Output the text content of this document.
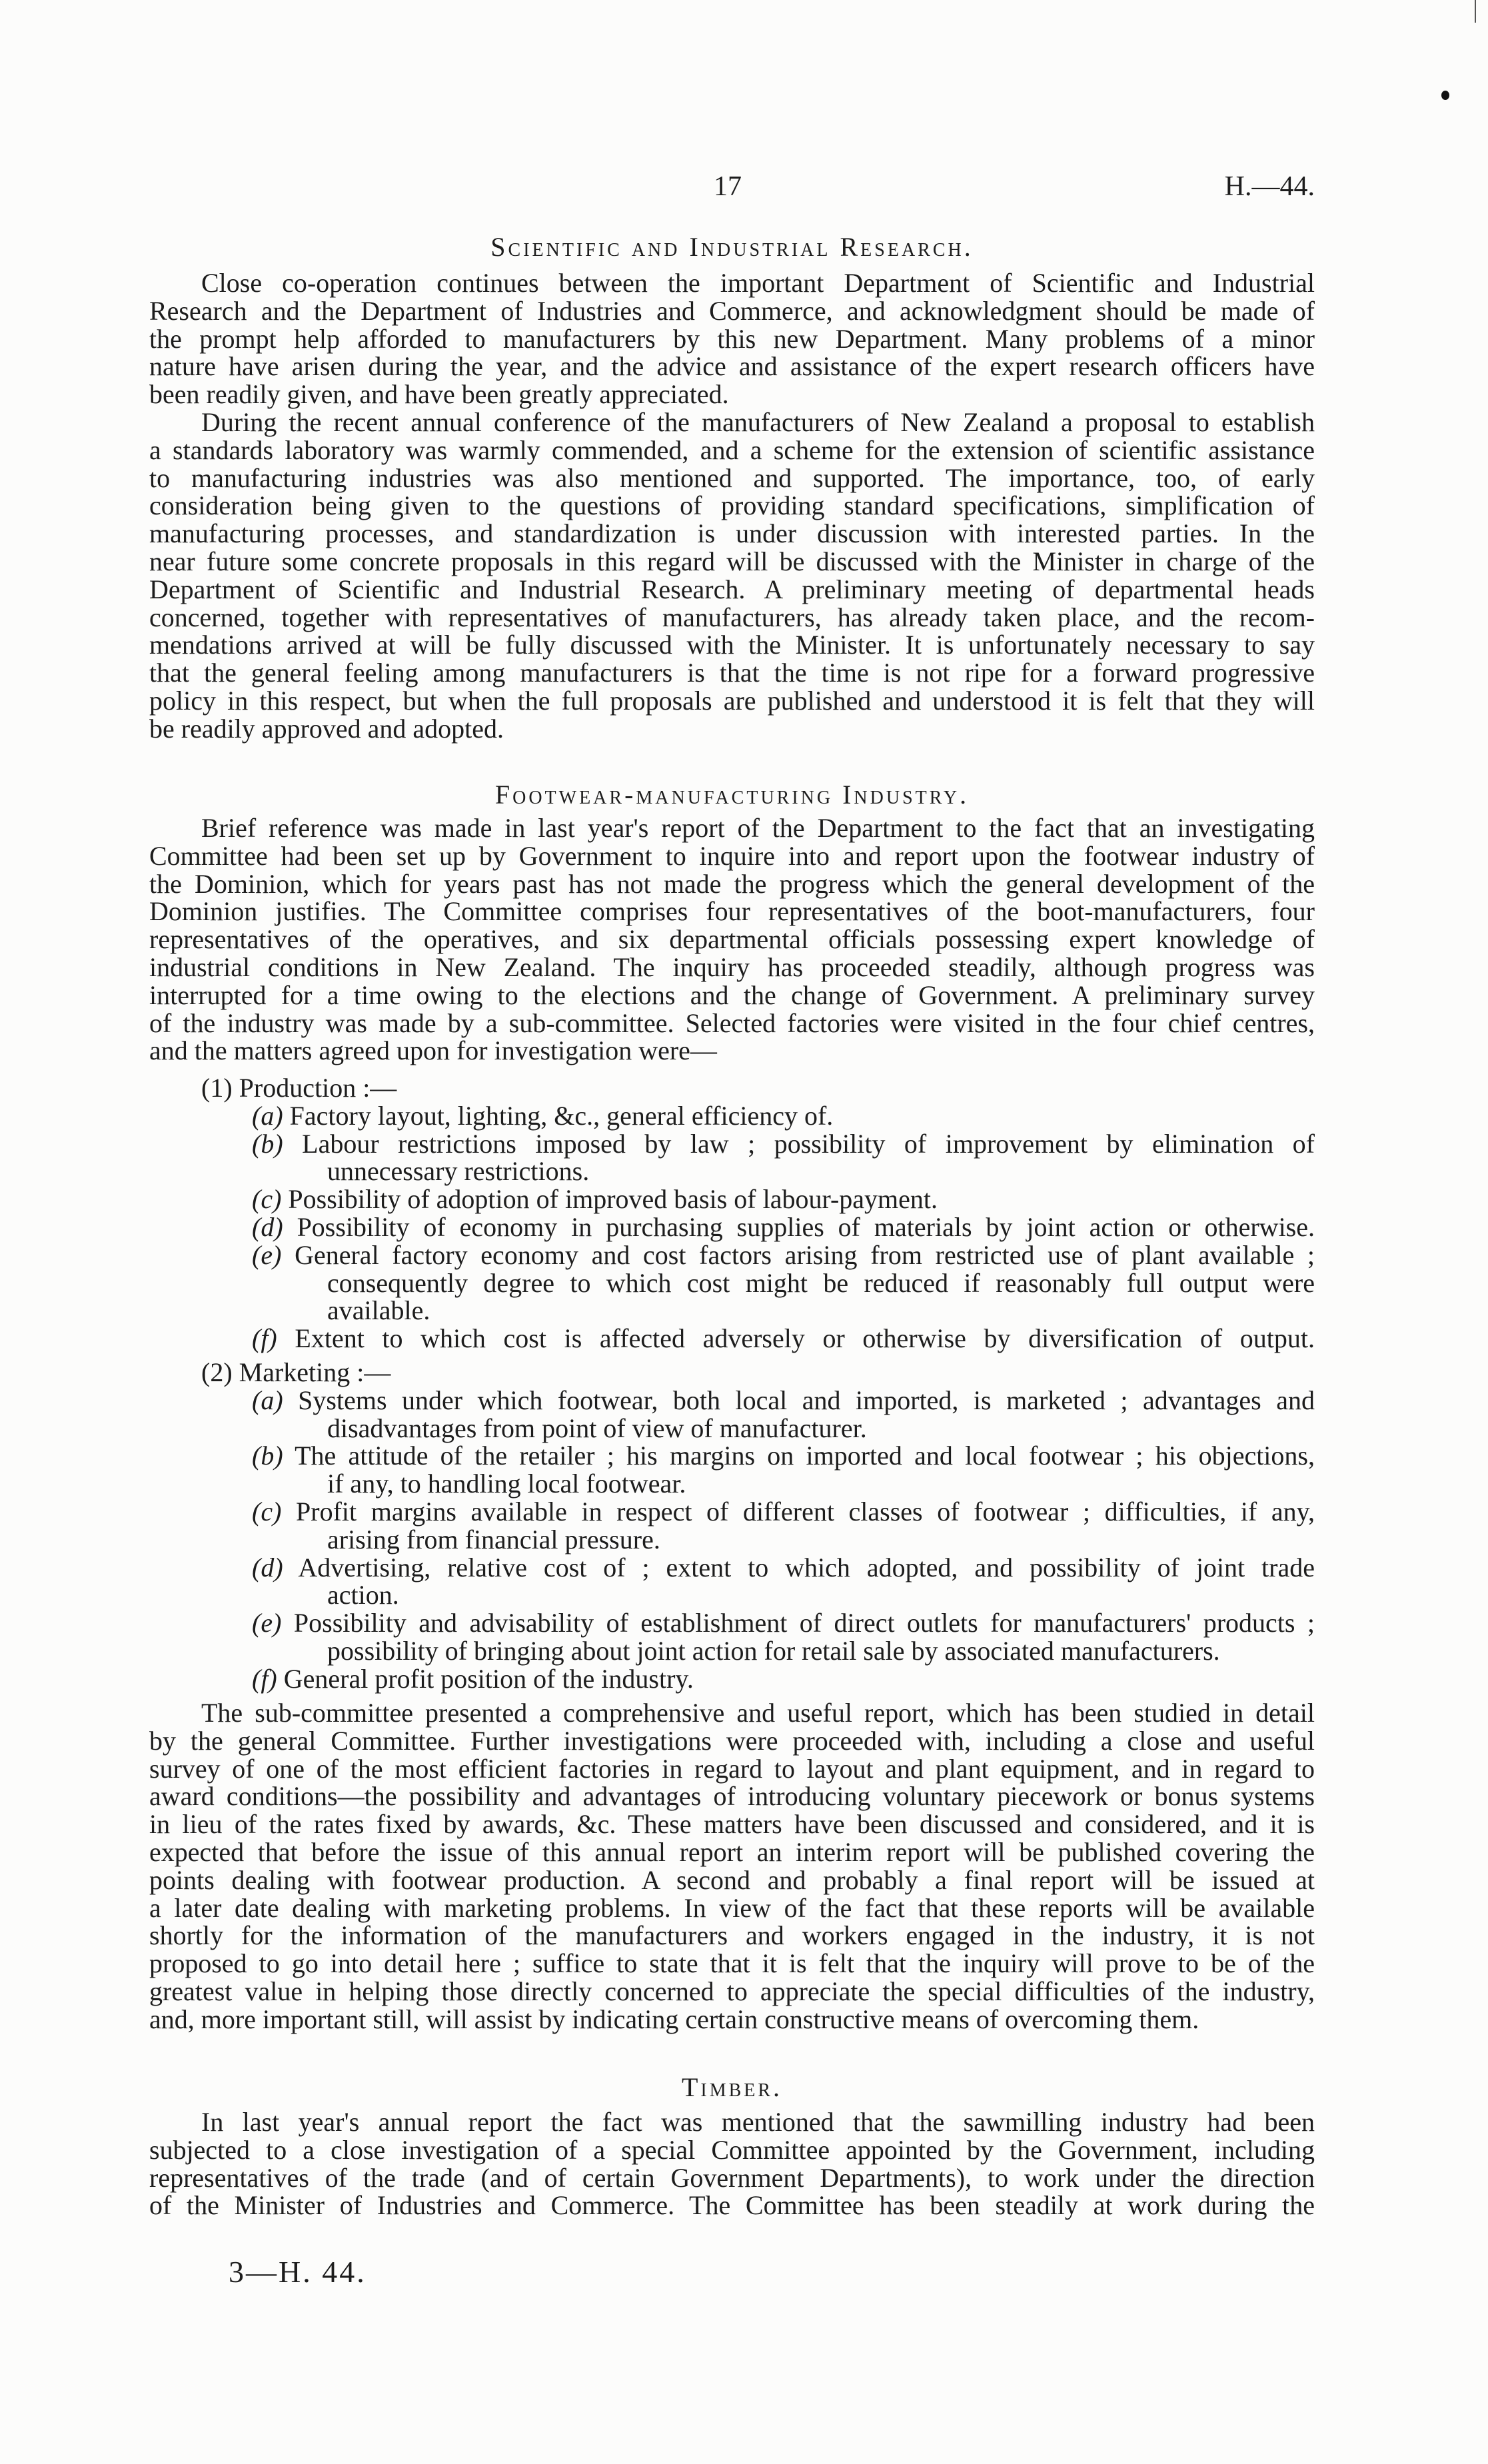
17	H.—44.
Scientific and Industrial Research.
Close co-operation continues between the important Department of Scientific and Industrial
Research and the Department of Industries and Commerce, and acknowledgment should be made of
the prompt help afforded to manufacturers by this new Department. Many problems of a minor
nature have arisen during the year, and the advice and assistance of the expert research officers have
been readily given, and have been greatly appreciated.
During the recent annual conference of the manufacturers of New Zealand a proposal to establish
a standards laboratory was warmly commended, and a scheme for the extension of scientific assistance
to manufacturing industries was also mentioned and supported. The importance, too, of early
consideration being given to the questions of providing standard specifications, simplification of
manufacturing processes, and standardization is under discussion with interested parties. In the
near future some concrete proposals in this regard will be discussed with the Minister in charge of the
Department of Scientific and Industrial Research. A preliminary meeting of departmental heads
concerned, together with representatives of manufacturers, has already taken place, and the recom-
mendations arrived at will be fully discussed with the Minister. It is unfortunately necessary to say
that the general feeling among manufacturers is that the time is not ripe for a forward progressive
policy in this respect, but when the full proposals are published and understood it is felt that they will
be readily approved and adopted.
Footwear-manufacturing Industry.
Brief reference was made in last year's report of the Department to the fact that an investigating
Committee had been set up by Government to inquire into and report upon the footwear industry of
the Dominion, which for years past has not made the progress which the general development of the
Dominion justifies. The Committee comprises four representatives of the boot-manufacturers, four
representatives of the operatives, and six departmental officials possessing expert knowledge of
industrial conditions in New Zealand. The inquiry has proceeded steadily, although progress was
interrupted for a time owing to the elections and the change of Government. A preliminary survey
of the industry was made by a sub-committee. Selected factories were visited in the four chief centres,
and the matters agreed upon for investigation were—
(1) Production :—
(a) Factory layout, lighting, &c., general efficiency of.
(b) Labour restrictions imposed by law ; possibility of improvement by elimination of
unnecessary restrictions.
(c) Possibility of adoption of improved basis of labour-payment.
(d) Possibility of economy in purchasing supplies of materials by joint action or otherwise.
(e) General factory economy and cost factors arising from restricted use of plant available ;
consequently degree to which cost might be reduced if reasonably full output were
available.
(f) Extent to which cost is affected adversely or otherwise by diversification of output.
(2) Marketing :—
(a) Systems under which footwear, both local and imported, is marketed ; advantages and
disadvantages from point of view of manufacturer.
(b) The attitude of the retailer ; his margins on imported and local footwear ; his objections,
if any, to handling local footwear.
(c) Profit margins available in respect of different classes of footwear ; difficulties, if any,
arising from financial pressure.
(d) Advertising, relative cost of ; extent to which adopted, and possibility of joint trade
action.
(e) Possibility and advisability of establishment of direct outlets for manufacturers' products ;
possibility of bringing about joint action for retail sale by associated manufacturers.
(f) General profit position of the industry.
The sub-committee presented a comprehensive and useful report, which has been studied in detail
by the general Committee. Further investigations were proceeded with, including a close and useful
survey of one of the most efficient factories in regard to layout and plant equipment, and in regard to
award conditions—the possibility and advantages of introducing voluntary piecework or bonus systems
in lieu of the rates fixed by awards, &c. These matters have been discussed and considered, and it is
expected that before the issue of this annual report an interim report will be published covering the
points dealing with footwear production. A second and probably a final report will be issued at
a later date dealing with marketing problems. In view of the fact that these reports will be available
shortly for the information of the manufacturers and workers engaged in the industry, it is not
proposed to go into detail here ; suffice to state that it is felt that the inquiry will prove to be of the
greatest value in helping those directly concerned to appreciate the special difficulties of the industry,
and, more important still, will assist by indicating certain constructive means of overcoming them.
Timber.
In last year's annual report the fact was mentioned that the sawmilling industry had been
subjected to a close investigation of a special Committee appointed by the Government, including
representatives of the trade (and of certain Government Departments), to work under the direction
of the Minister of Industries and Commerce. The Committee has been steadily at work during the
3—H. 44.
